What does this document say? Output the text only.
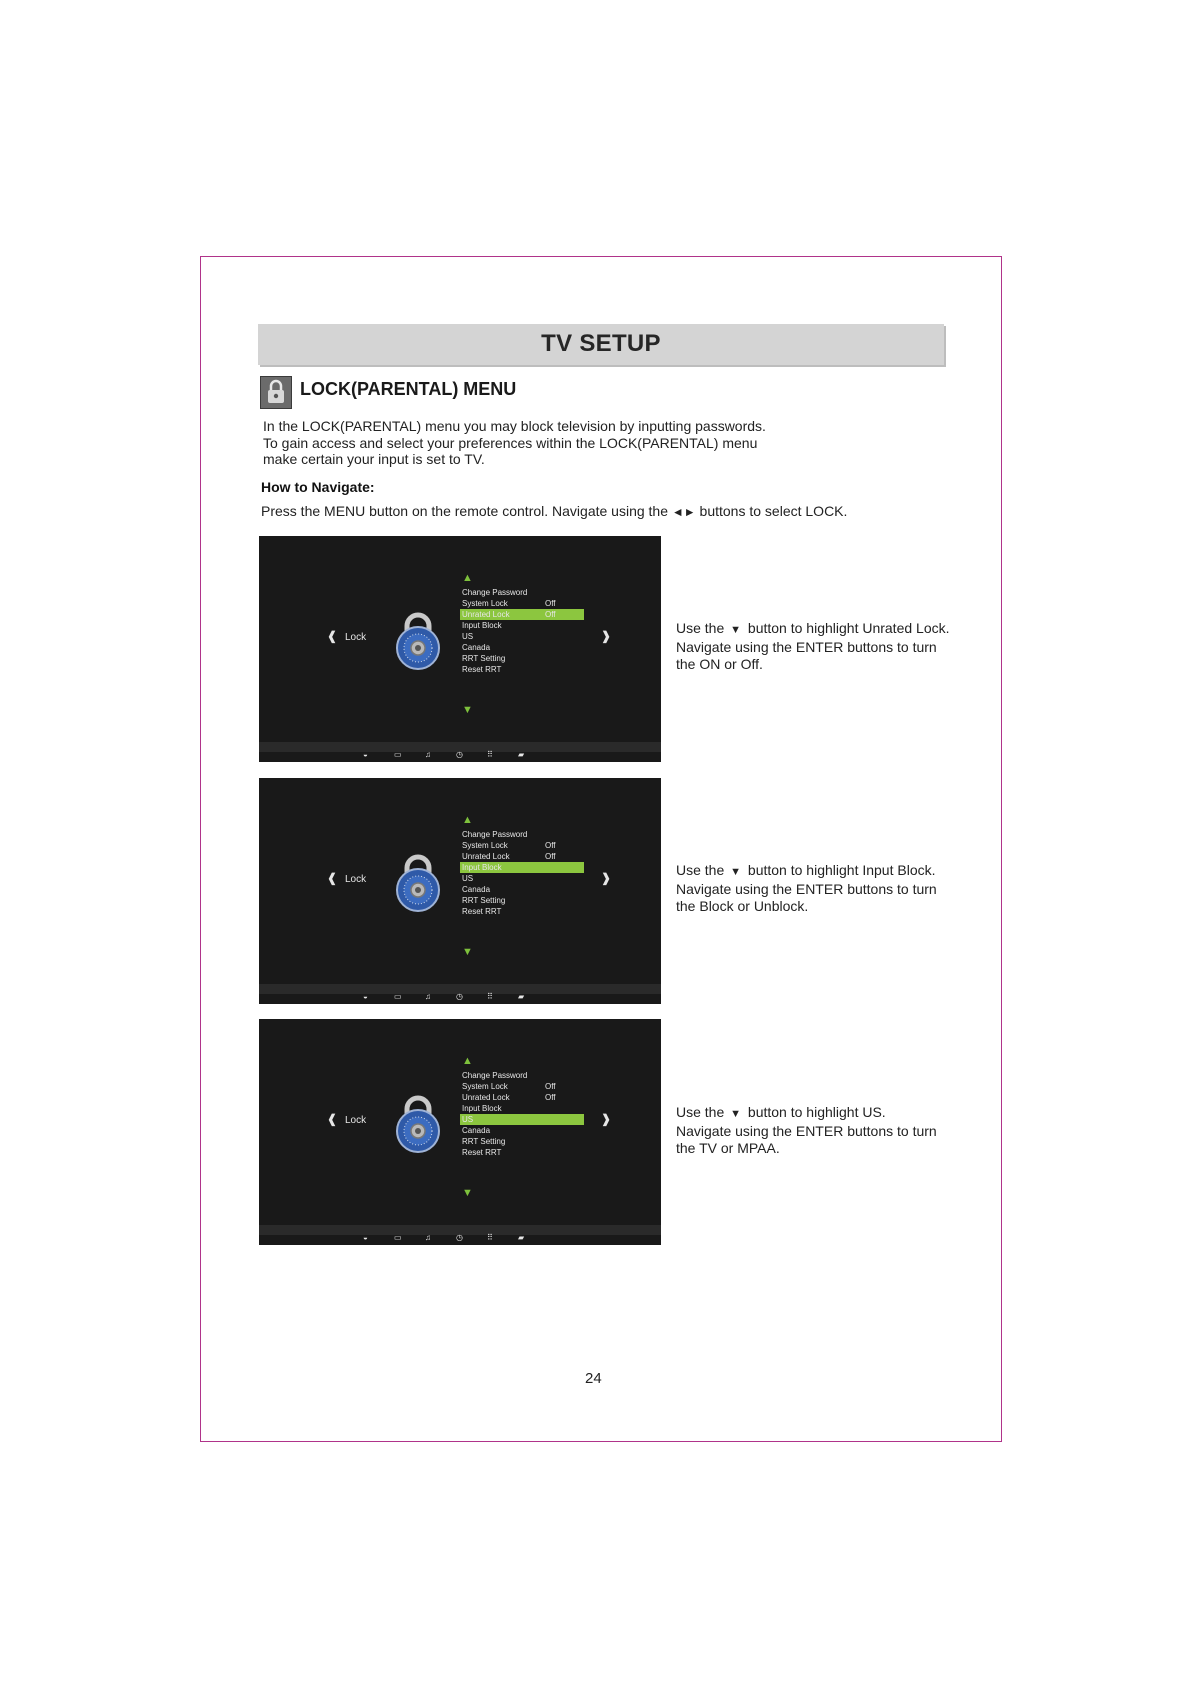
TV SETUP
LOCK(PARENTAL) MENU
In the LOCK(PARENTAL) menu you may block television by inputting passwords.
To gain access and select your preferences within the LOCK(PARENTAL) menu
make certain your input is set to TV.
How to Navigate:
Press the MENU button on the remote control. Navigate using the ◄► buttons to select LOCK.
❰ Lock	❱
▲
▼
Change Password
System Lock	Off
Unrated Lock	Off
Input Block
US
Canada
RRT Setting
Reset RRT
◒	▭	♫	◷	⠿	▰
Use the ▼ button to highlight Unrated Lock.
Navigate using the ENTER buttons to turn
the ON or Off.
❰ Lock	❱
▲
▼
Change Password
System Lock	Off
Unrated Lock	Off
Input Block
US
Canada
RRT Setting
Reset RRT
◒	▭	♫	◷	⠿	▰
Use the ▼ button to highlight Input Block.
Navigate using the ENTER buttons to turn
the Block or Unblock.
❰ Lock	❱
▲
▼
Change Password
System Lock	Off
Unrated Lock	Off
Input Block
US
Canada
RRT Setting
Reset RRT
◒	▭	♫	◷	⠿	▰
Use the ▼ button to highlight US.
Navigate using the ENTER buttons to turn
the TV or MPAA.
24
